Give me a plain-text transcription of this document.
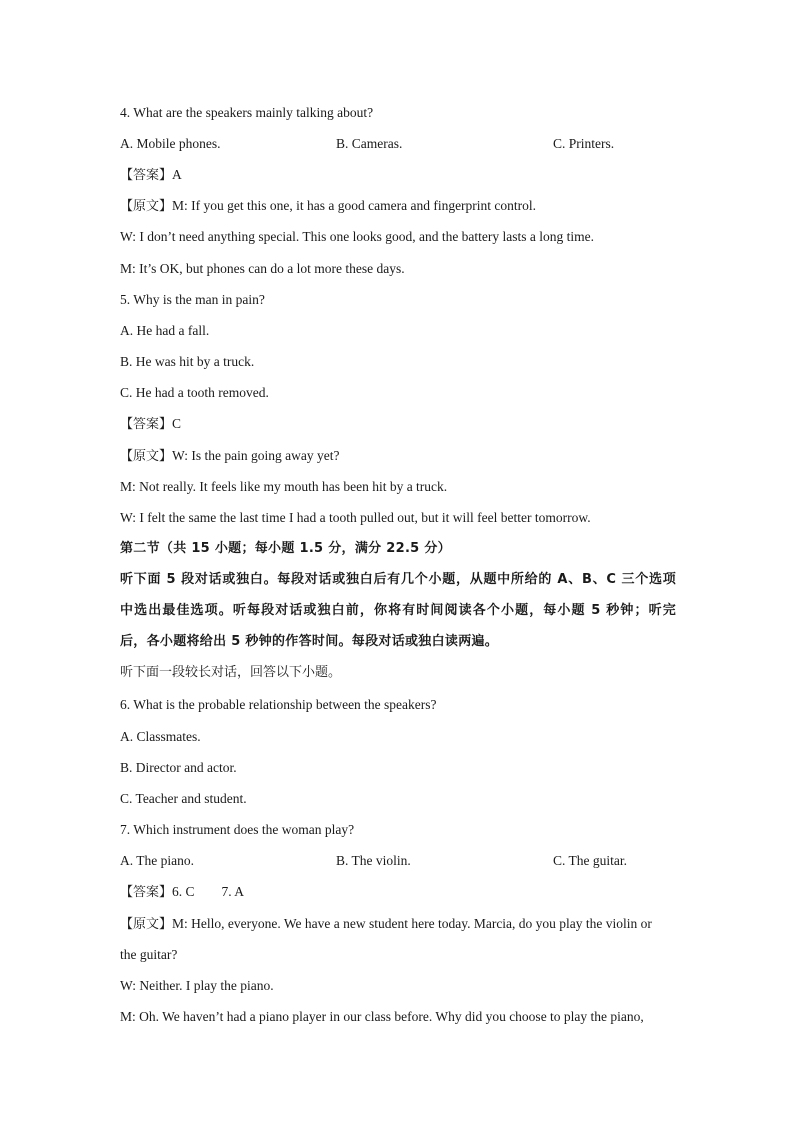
4. What are the speakers mainly talking about?
A. Mobile phones.	B. Cameras.	C. Printers.
【答案】A
【原文】M: If you get this one, it has a good camera and fingerprint control.
W: I don’t need anything special. This one looks good, and the battery lasts a long time.
M: It’s OK, but phones can do a lot more these days.
5. Why is the man in pain?
A. He had a fall.
B. He was hit by a truck.
C. He had a tooth removed.
【答案】C
【原文】W: Is the pain going away yet?
M: Not really. It feels like my mouth has been hit by a truck.
W: I felt the same the last time I had a tooth pulled out, but it will feel better tomorrow.
第二节（共 15 小题；每小题 1.5 分，满分 22.5 分）
听下面 5 段对话或独白。每段对话或独白后有几个小题，从题中所给的 A、B、C 三个选项
中选出最佳选项。听每段对话或独白前，你将有时间阅读各个小题，每小题 5 秒钟；听完
后，各小题将给出 5 秒钟的作答时间。每段对话或独白读两遍。
听下面一段较长对话，回答以下小题。
6. What is the probable relationship between the speakers?
A. Classmates.
B. Director and actor.
C. Teacher and student.
7. Which instrument does the woman play?
A. The piano.	B. The violin.	C. The guitar.
【答案】6. C        7. A
【原文】M: Hello, everyone. We have a new student here today. Marcia, do you play the violin or
the guitar?
W: Neither. I play the piano.
M: Oh. We haven’t had a piano player in our class before. Why did you choose to play the piano,
